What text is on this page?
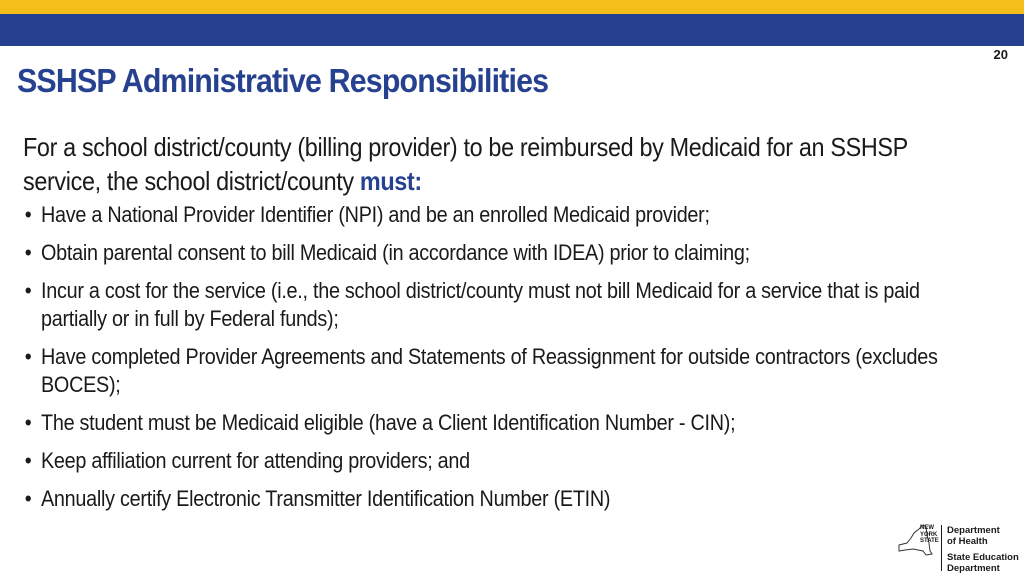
20
SSHSP Administrative Responsibilities

For a school district/county (billing provider) to be reimbursed by Medicaid for an SSHSP service, the school district/county must:

• Have a National Provider Identifier (NPI) and be an enrolled Medicaid provider;
• Obtain parental consent to bill Medicaid (in accordance with IDEA) prior to claiming;
• Incur a cost for the service (i.e., the school district/county must not bill Medicaid for a service that is paid partially or in full by Federal funds);
• Have completed Provider Agreements and Statements of Reassignment for outside contractors (excludes BOCES);
• The student must be Medicaid eligible (have a Client Identification Number - CIN);
• Keep affiliation current for attending providers; and
• Annually certify Electronic Transmitter Identification Number (ETIN)
NEW
YORK
STATE
Department
of Health
State Education
Department
